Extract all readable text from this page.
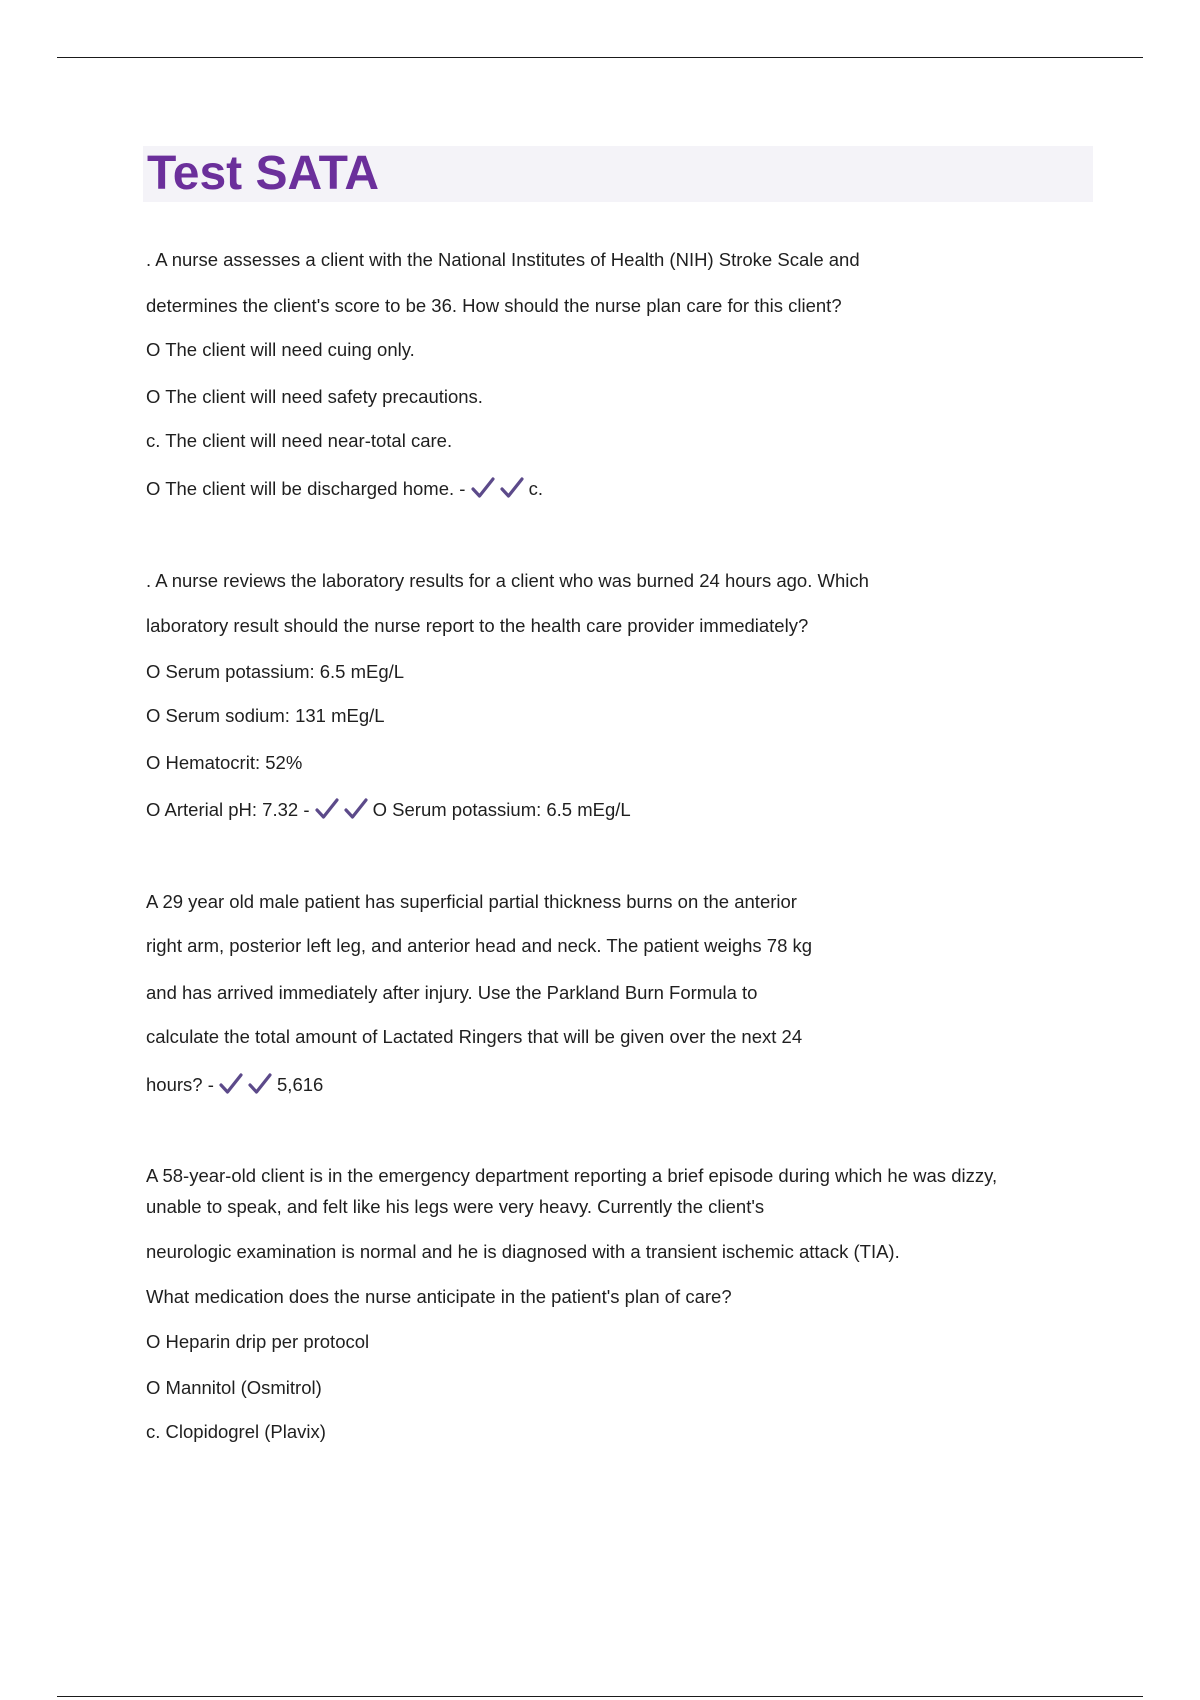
Test SATA

. A nurse assesses a client with the National Institutes of Health (NIH) Stroke Scale and

determines the client's score to be 36. How should the nurse plan care for this client?

O The client will need cuing only.

O The client will need safety precautions.

c. The client will need near-total care.

O The client will be discharged home. -	c.

. A nurse reviews the laboratory results for a client who was burned 24 hours ago. Which

laboratory result should the nurse report to the health care provider immediately?

O Serum potassium: 6.5 mEg/L

O Serum sodium: 131 mEg/L

O Hematocrit: 52%

O Arterial pH: 7.32 -	O Serum potassium: 6.5 mEg/L

A 29 year old male patient has superficial partial thickness burns on the anterior

right arm, posterior left leg, and anterior head and neck. The patient weighs 78 kg

and has arrived immediately after injury. Use the Parkland Burn Formula to

calculate the total amount of Lactated Ringers that will be given over the next 24

hours? -	5,616

A 58-year-old client is in the emergency department reporting a brief episode during which he was dizzy,

unable to speak, and felt like his legs were very heavy. Currently the client's

neurologic examination is normal and he is diagnosed with a transient ischemic attack (TIA).

What medication does the nurse anticipate in the patient's plan of care?

O Heparin drip per protocol

O Mannitol (Osmitrol)

c. Clopidogrel (Plavix)
